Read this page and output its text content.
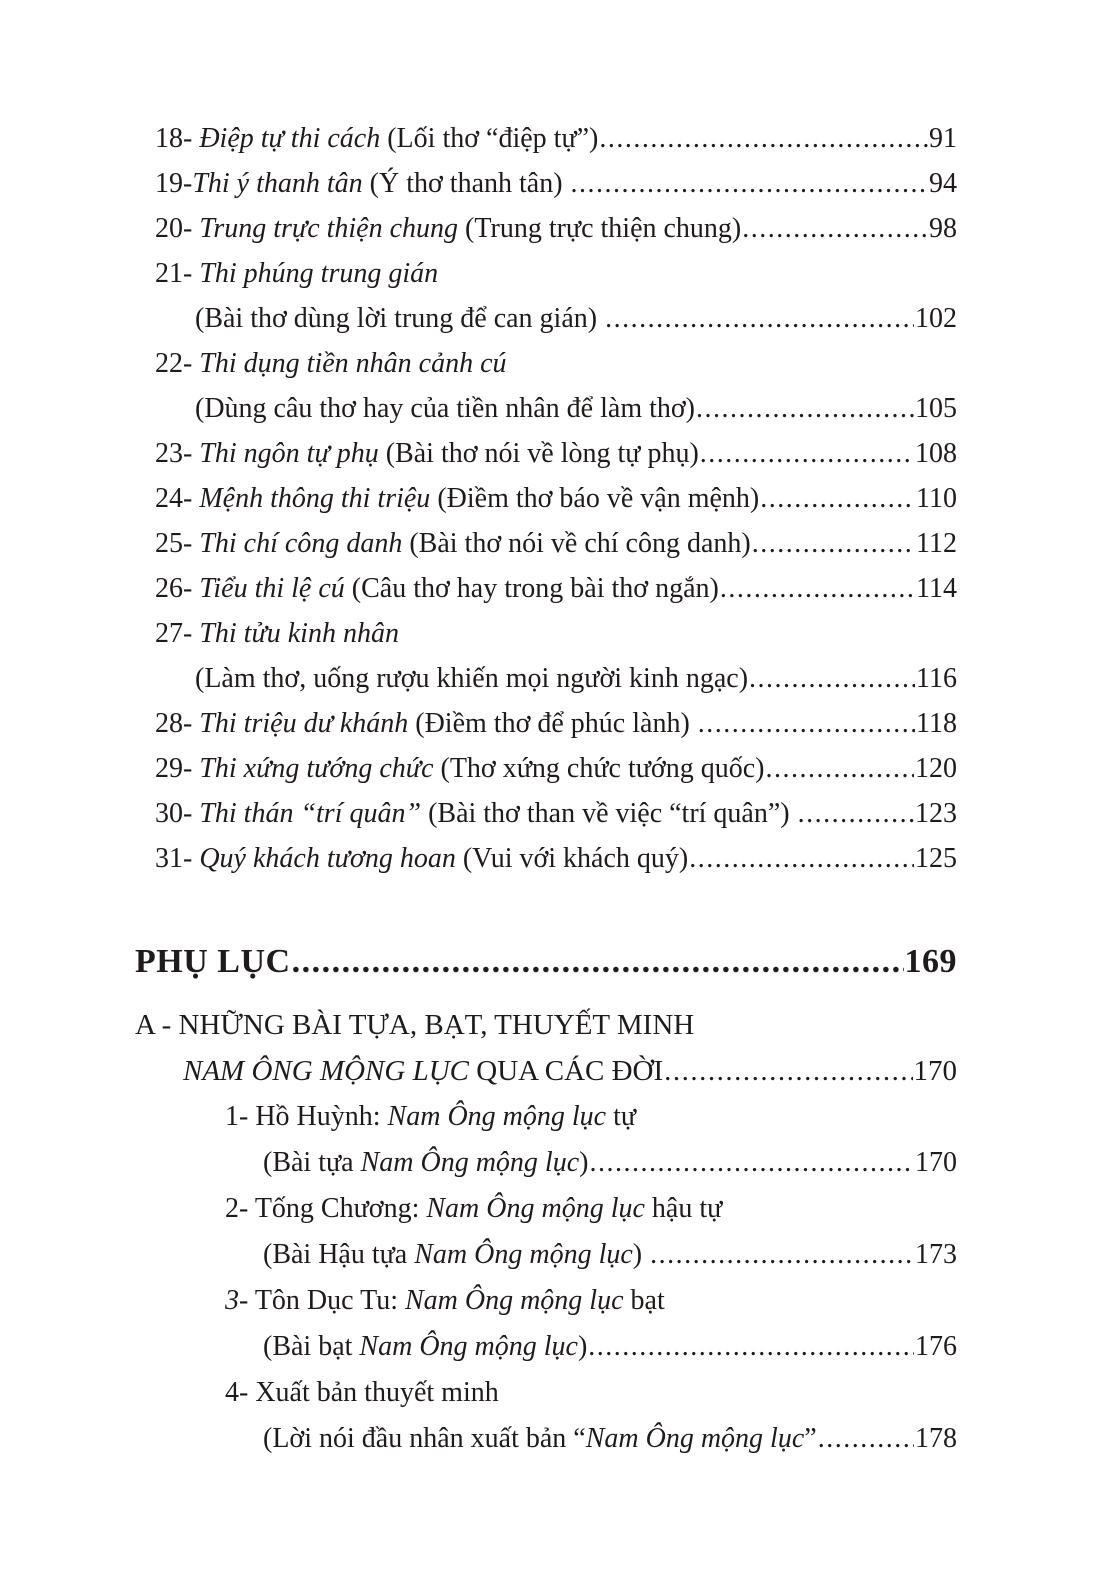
18- Điệp tự thi cách (Lối thơ “điệp tự”) .....	91
19- Thi ý thanh tân (Ý thơ thanh tân) .....	94
20- Trung trực thiện chung (Trung trực thiện chung) .....	98
21- Thi phúng trung gián
(Bài thơ dùng lời trung để can gián) .....	102
22- Thi dụng tiền nhân cảnh cú
(Dùng câu thơ hay của tiền nhân để làm thơ) .....	105
23- Thi ngôn tự phụ (Bài thơ nói về lòng tự phụ) .....	108
24- Mệnh thông thi triệu (Điềm thơ báo về vận mệnh) .....	110
25- Thi chí công danh (Bài thơ nói về chí công danh) .....	112
26- Tiểu thi lệ cú (Câu thơ hay trong bài thơ ngắn) .....	114
27- Thi tửu kinh nhân
(Làm thơ, uống rượu khiến mọi người kinh ngạc) .....	116
28- Thi triệu dư khánh (Điềm thơ để phúc lành) .....	118
29- Thi xứng tướng chức (Thơ xứng chức tướng quốc) .....	120
30- Thi thán “trí quân” (Bài thơ than về việc “trí quân”) .....	123
31- Quý khách tương hoan (Vui với khách quý) .....	125
PHỤ LỤC .....	169
A - NHỮNG BÀI TỰA, BẠT, THUYẾT MINH
NAM ÔNG MỘNG LỤC QUA CÁC ĐỜI .....	170
1- Hồ Huỳnh: Nam Ông mộng lục tự
(Bài tựa Nam Ông mộng lục ) .....	170
2- Tống Chương: Nam Ông mộng lục hậu tự
(Bài Hậu tựa Nam Ông mộng lục ) .....	173
3- Tôn Dục Tu: Nam Ông mộng lục bạt
(Bài bạt Nam Ông mộng lục ) .....	176
4- Xuất bản thuyết minh
(Lời nói đầu nhân xuất bản “ Nam Ông mộng lục ” .....	178
